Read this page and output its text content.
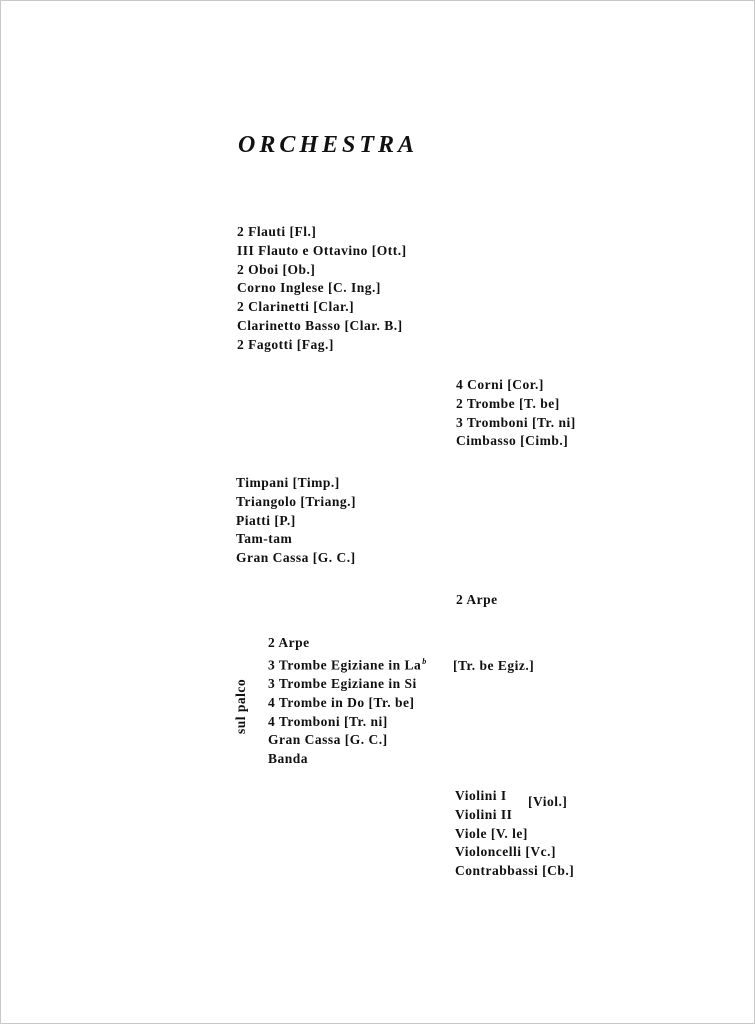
ORCHESTRA
2 Flauti [Fl.]
III Flauto e Ottavino [Ott.]
2 Oboi [Ob.]
Corno Inglese [C. Ing.]
2 Clarinetti [Clar.]
Clarinetto Basso [Clar. B.]
2 Fagotti [Fag.]
4 Corni [Cor.]
2 Trombe [T. be]
3 Tromboni [Tr. ni]
Cimbasso [Cimb.]
Timpani [Timp.]
Triangolo [Triang.]
Piatti [P.]
Tam-tam
Gran Cassa [G. C.]
2 Arpe
sul palco
2 Arpe
3 Trombe Egiziane in La$^b$
3 Trombe Egiziane in Si
4 Trombe in Do [Tr. be]
4 Tromboni [Tr. ni]
Gran Cassa [G. C.]
Banda
[Tr. be Egiz.]
Violini I
Violini II
Viole [V. le]
Violoncelli [Vc.]
Contrabbassi [Cb.]
[Viol.]
